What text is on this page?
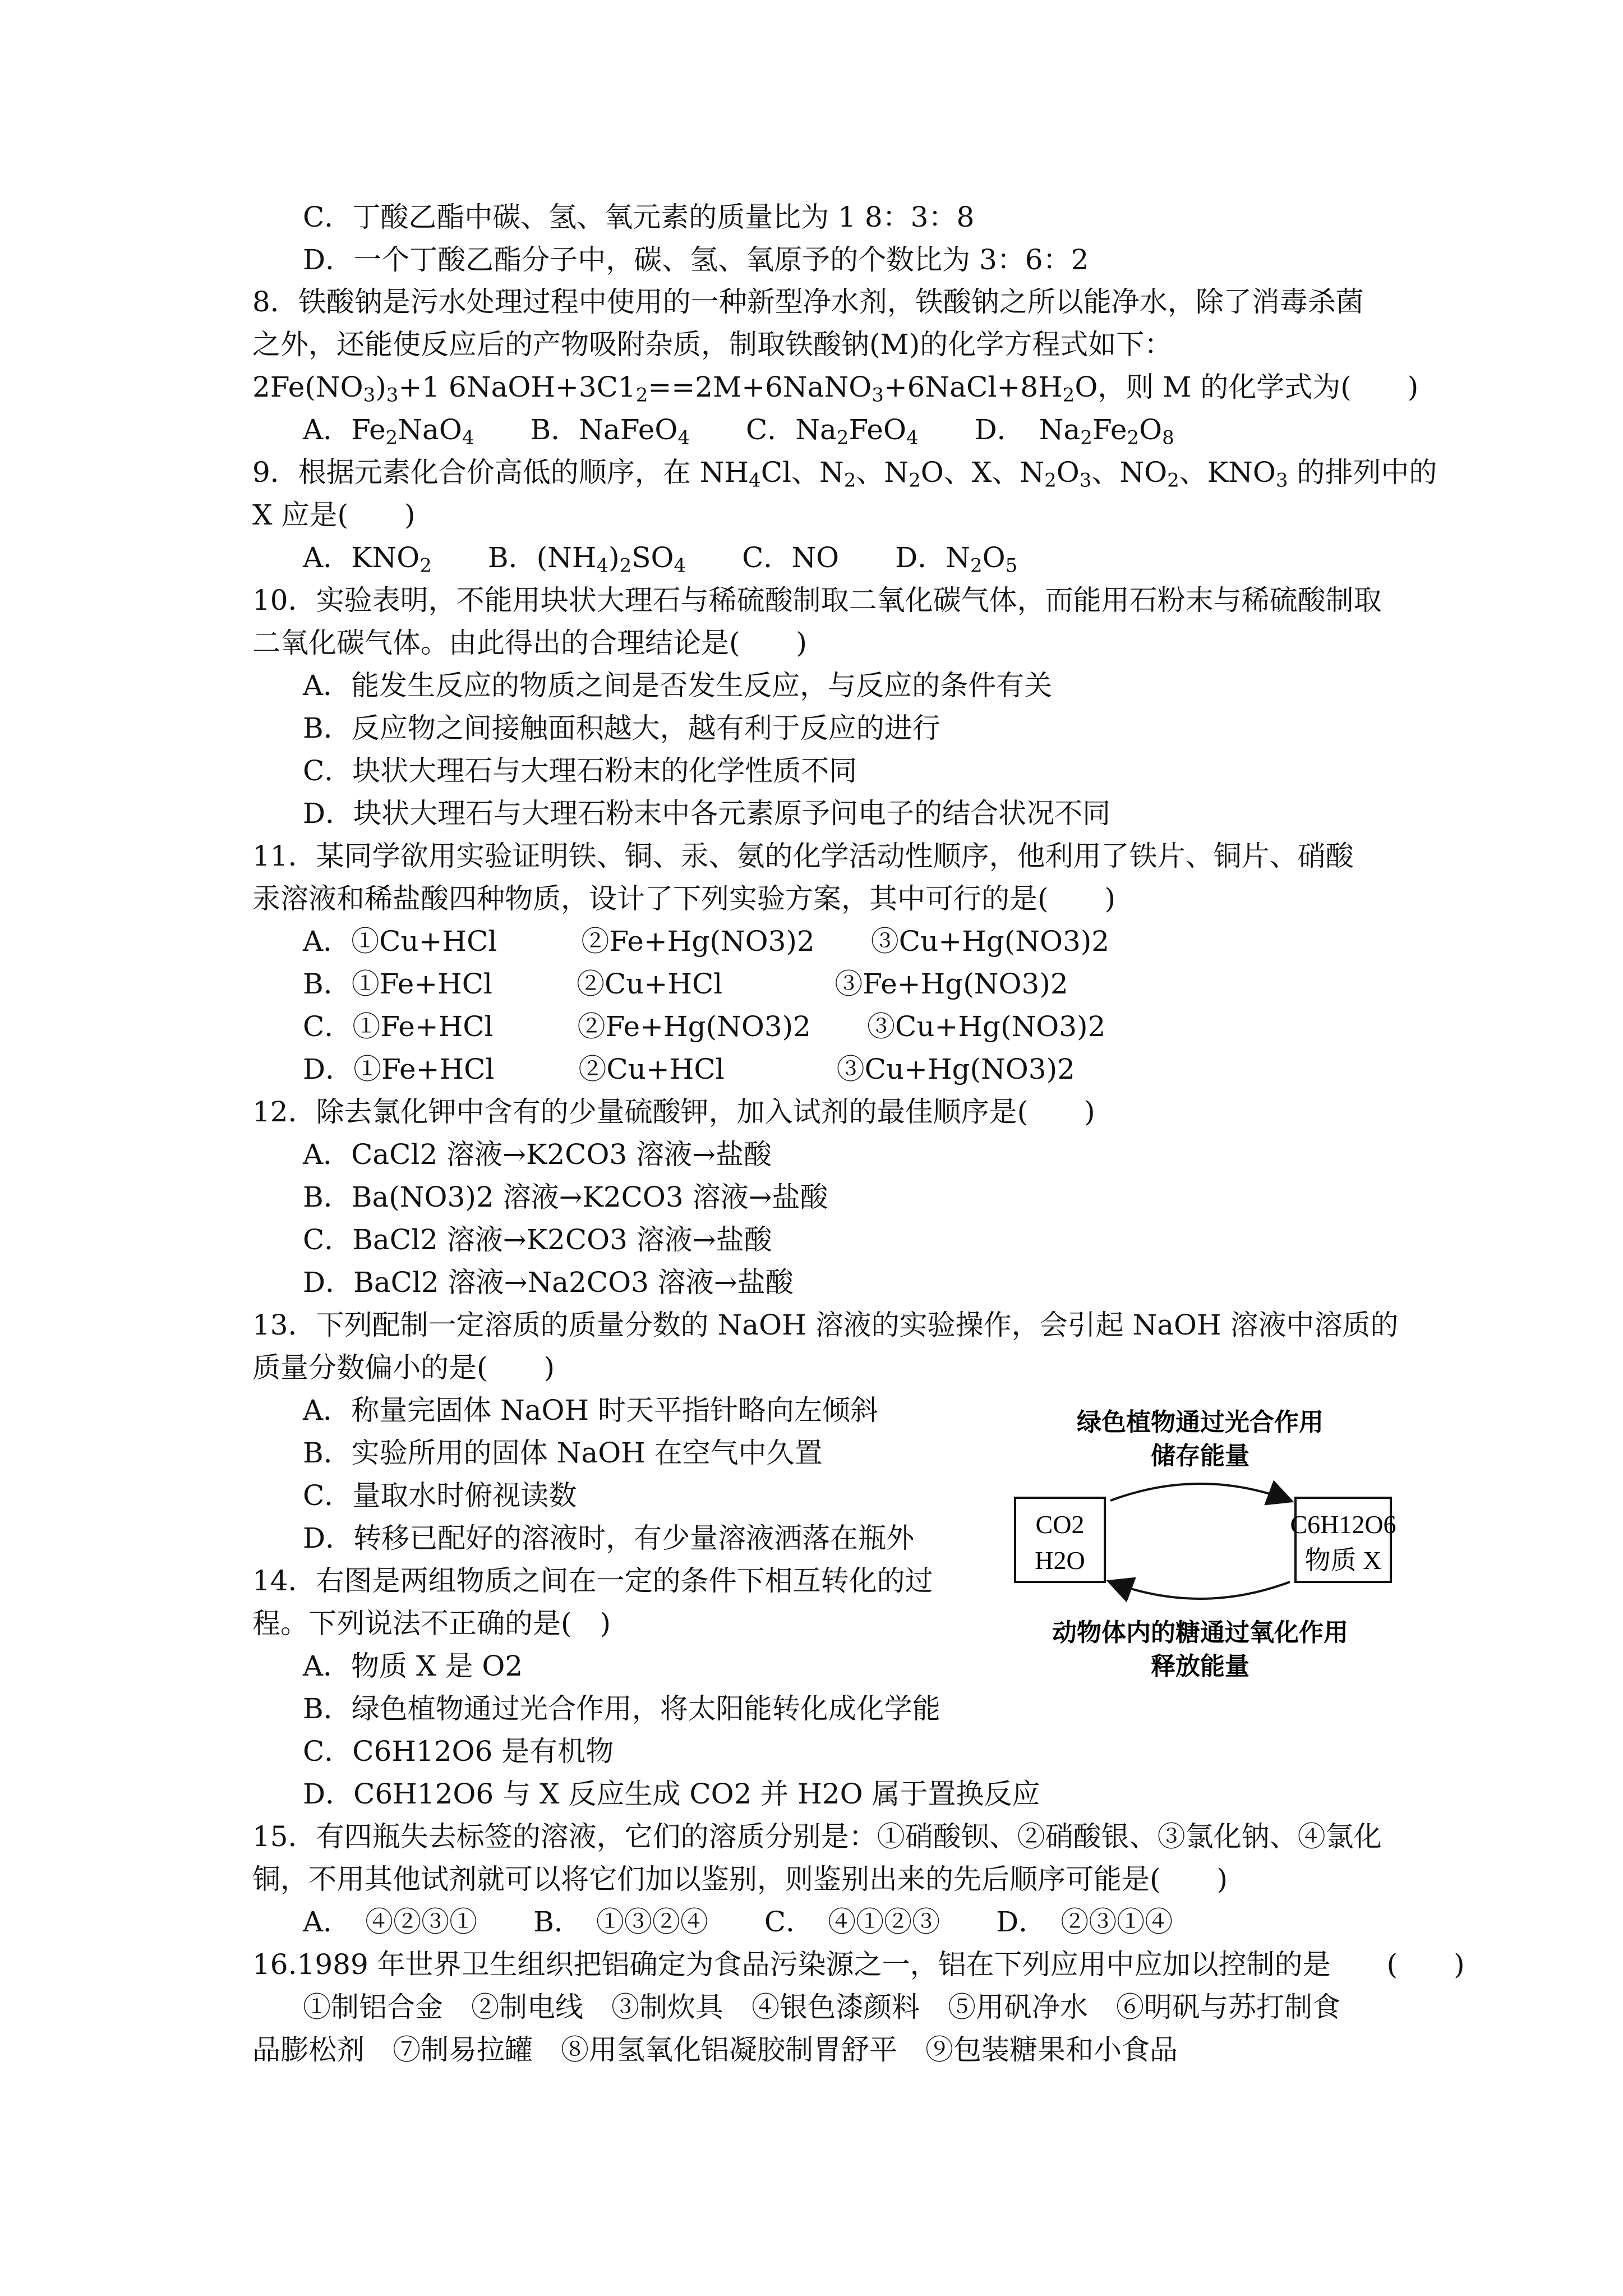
C．丁酸乙酯中碳、氢、氧元素的质量比为 1 8：3：8
D．一个丁酸乙酯分子中，碳、氢、氧原予的个数比为 3：6：2
8．铁酸钠是污水处理过程中使用的一种新型净水剂，铁酸钠之所以能净水，除了消毒杀菌
之外，还能使反应后的产物吸附杂质，制取铁酸钠(M)的化学方程式如下：
$2Fe(NO_3)_3+1$ $6NaOH+3C1_2==2M+6NaNO_3+6NaCl+8H_2O$，则 M 的化学式为(　　)
A．$Fe_2NaO_4$　　B．NaFeO$_4$　　C．$Na_2FeO_4$　　D．　$Na_2Fe_2O_8$
9．根据元素化合价高低的顺序，在 $NH_4Cl$、$N_2$、$N_2O$、X、$N_2O_3$、$NO_2$、$KNO_3$ 的排列中的
X 应是(　　)
A．$KNO_2$　　B．$(NH_4)_2SO_4$　　C．NO　　D．$N_2O_5$
10．实验表明，不能用块状大理石与稀硫酸制取二氧化碳气体，而能用石粉末与稀硫酸制取
二氧化碳气体。由此得出的合理结论是(　　)
A．能发生反应的物质之间是否发生反应，与反应的条件有关
B．反应物之间接触面积越大，越有利于反应的进行
C．块状大理石与大理石粉末的化学性质不同
D．块状大理石与大理石粉末中各元素原予问电子的结合状况不同
11．某同学欲用实验证明铁、铜、汞、氨的化学活动性顺序，他利用了铁片、铜片、硝酸
汞溶液和稀盐酸四种物质，设计了下列实验方案，其中可行的是(　　)
A．①Cu+HCl　　　②Fe+Hg(NO3)2　　③Cu+Hg(NO3)2
B．①Fe+HCl　　　②Cu+HCl　　　　③Fe+Hg(NO3)2
C．①Fe+HCl　　　②Fe+Hg(NO3)2　　③Cu+Hg(NO3)2
D．①Fe+HCl　　　②Cu+HCl　　　　③Cu+Hg(NO3)2
12．除去氯化钾中含有的少量硫酸钾，加入试剂的最佳顺序是(　　)
A．CaCl2 溶液→K2CO3 溶液→盐酸
B．Ba(NO3)2 溶液→K2CO3 溶液→盐酸
C．BaCl2 溶液→K2CO3 溶液→盐酸
D．BaCl2 溶液→Na2CO3 溶液→盐酸
13．下列配制一定溶质的质量分数的 NaOH 溶液的实验操作，会引起 NaOH 溶液中溶质的
质量分数偏小的是(　　)
A．称量完固体 NaOH 时天平指针略向左倾斜
B．实验所用的固体 NaOH 在空气中久置
C．量取水时俯视读数
D．转移已配好的溶液时，有少量溶液洒落在瓶外
14．右图是两组物质之间在一定的条件下相互转化的过
程。下列说法不正确的是(　)
A．物质 X 是 O2
B．绿色植物通过光合作用，将太阳能转化成化学能
C．C6H12O6 是有机物
D．C6H12O6 与 X 反应生成 CO2 并 H2O 属于置换反应
15．有四瓶失去标签的溶液，它们的溶质分别是：①硝酸钡、②硝酸银、③氯化钠、④氯化
铜，不用其他试剂就可以将它们加以鉴别，则鉴别出来的先后顺序可能是(　　)
A．　④②③①　　B．　①③②④　　C．　④①②③　　D．　②③①④
16.1989 年世界卫生组织把铝确定为食品污染源之一，铝在下列应用中应加以控制的是　　(　　)
①制铝合金　②制电线　③制炊具　④银色漆颜料　⑤用矾净水　⑥明矾与苏打制食
品膨松剂　⑦制易拉罐　⑧用氢氧化铝凝胶制胃舒平　⑨包装糖果和小食品
绿色植物通过光合作用
储存能量
CO2
H2O
C6H12O6
物质 X
动物体内的糖通过氧化作用
释放能量
